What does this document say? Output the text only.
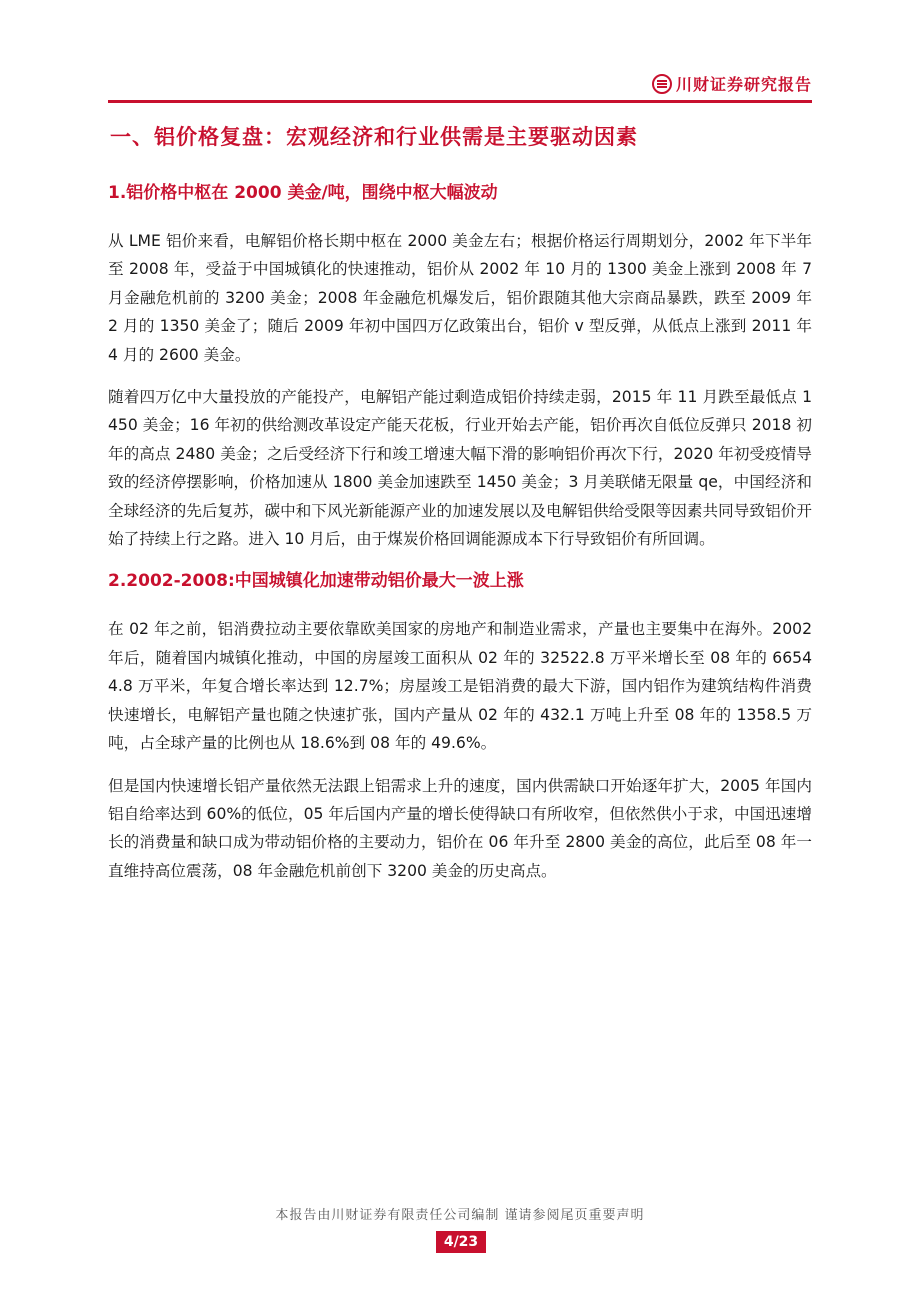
川财证券研究报告
一、铝价格复盘：宏观经济和行业供需是主要驱动因素
1.铝价格中枢在 2000 美金/吨，围绕中枢大幅波动

从 LME 铝价来看，电解铝价格长期中枢在 2000 美金左右；根据价格运行周期划分，2002 年下半年至 2008 年，受益于中国城镇化的快速推动，铝价从 2002 年 10 月的 1300 美金上涨到 2008 年 7 月金融危机前的 3200 美金；2008 年金融危机爆发后，铝价跟随其他大宗商品暴跌，跌至 2009 年 2 月的 1350 美金了；随后 2009 年初中国四万亿政策出台，铝价 v 型反弹，从低点上涨到 2011 年 4 月的 2600 美金。

随着四万亿中大量投放的产能投产，电解铝产能过剩造成铝价持续走弱，2015 年 11 月跌至最低点 1450 美金；16 年初的供给测改革设定产能天花板，行业开始去产能，铝价再次自低位反弹只 2018 初年的高点 2480 美金；之后受经济下行和竣工增速大幅下滑的影响铝价再次下行，2020 年初受疫情导致的经济停摆影响，价格加速从 1800 美金加速跌至 1450 美金；3 月美联储无限量 qe，中国经济和全球经济的先后复苏，碳中和下风光新能源产业的加速发展以及电解铝供给受限等因素共同导致铝价开始了持续上行之路。进入 10 月后，由于煤炭价格回调能源成本下行导致铝价有所回调。

2.2002-2008:中国城镇化加速带动铝价最大一波上涨

在 02 年之前，铝消费拉动主要依靠欧美国家的房地产和制造业需求，产量也主要集中在海外。2002 年后，随着国内城镇化推动，中国的房屋竣工面积从 02 年的 32522.8 万平米增长至 08 年的 66544.8 万平米，年复合增长率达到 12.7%；房屋竣工是铝消费的最大下游，国内铝作为建筑结构件消费快速增长，电解铝产量也随之快速扩张，国内产量从 02 年的 432.1 万吨上升至 08 年的 1358.5 万吨，占全球产量的比例也从 18.6%到 08 年的 49.6%。

但是国内快速增长铝产量依然无法跟上铝需求上升的速度，国内供需缺口开始逐年扩大，2005 年国内铝自给率达到 60%的低位，05 年后国内产量的增长使得缺口有所收窄，但依然供小于求，中国迅速增长的消费量和缺口成为带动铝价格的主要动力，铝价在 06 年升至 2800 美金的高位，此后至 08 年一直维持高位震荡，08 年金融危机前创下 3200 美金的历史高点。

本报告由川财证券有限责任公司编制 谨请参阅尾页重要声明
4/23
